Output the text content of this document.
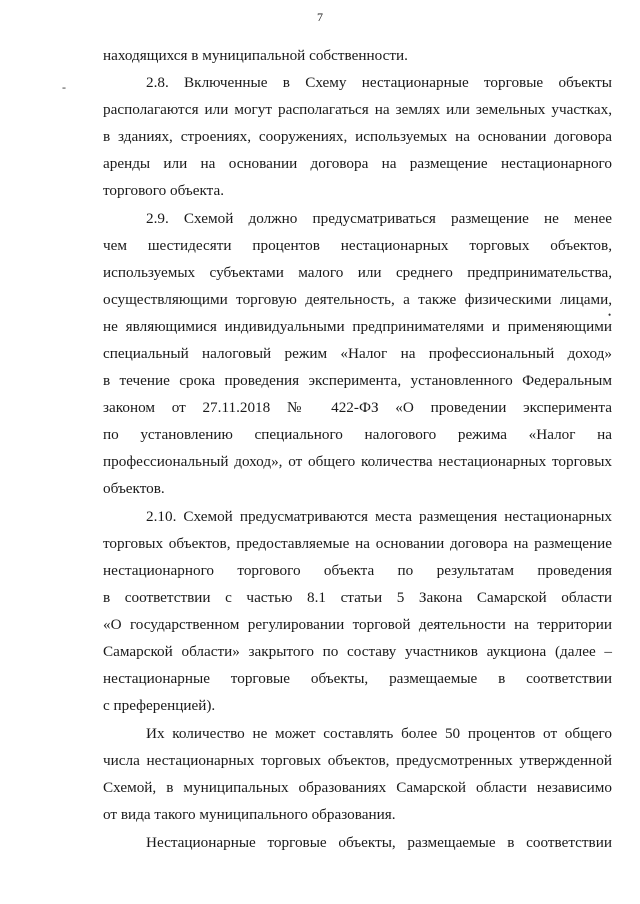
7
-
•
находящихся в муниципальной собственности.
2.8. Включенные в Схему нестационарные торговые объекты
располагаются или могут располагаться на землях или земельных участках,
в зданиях, строениях, сооружениях, используемых на основании договора
аренды или на основании договора на размещение нестационарного
торгового объекта.
2.9. Схемой должно предусматриваться размещение не менее
чем шестидесяти процентов нестационарных торговых объектов,
используемых субъектами малого или среднего предпринимательства,
осуществляющими торговую деятельность, а также физическими лицами,
не являющимися индивидуальными предпринимателями и применяющими
специальный налоговый режим «Налог на профессиональный доход»
в течение срока проведения эксперимента, установленного Федеральным
законом от 27.11.2018 № 422-ФЗ «О проведении эксперимента
по установлению специального налогового режима «Налог на
профессиональный доход», от общего количества нестационарных торговых
объектов.
2.10. Схемой предусматриваются места размещения нестационарных
торговых объектов, предоставляемые на основании договора на размещение
нестационарного торгового объекта по результатам проведения
в соответствии с частью 8.1 статьи 5 Закона Самарской области
«О государственном регулировании торговой деятельности на территории
Самарской области» закрытого по составу участников аукциона (далее –
нестационарные торговые объекты, размещаемые в соответствии
с преференцией).
Их количество не может составлять более 50 процентов от общего
числа нестационарных торговых объектов, предусмотренных утвержденной
Схемой, в муниципальных образованиях Самарской области независимо
от вида такого муниципального образования.
Нестационарные торговые объекты, размещаемые в соответствии
